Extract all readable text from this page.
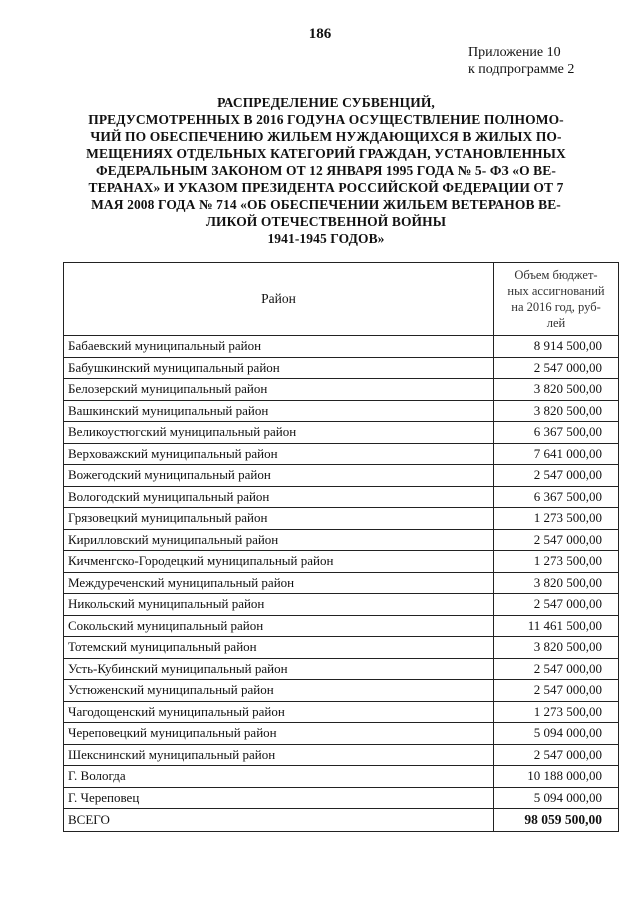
186
Приложение 10
к подпрограмме 2
РАСПРЕДЕЛЕНИЕ СУБВЕНЦИЙ,
ПРЕДУСМОТРЕННЫХ В 2016 ГОДУНА ОСУЩЕСТВЛЕНИЕ ПОЛНОМО-
ЧИЙ ПО ОБЕСПЕЧЕНИЮ ЖИЛЬЕМ НУЖДАЮЩИХСЯ В ЖИЛЫХ ПО-
МЕЩЕНИЯХ ОТДЕЛЬНЫХ КАТЕГОРИЙ ГРАЖДАН, УСТАНОВЛЕННЫХ
ФЕДЕРАЛЬНЫМ ЗАКОНОМ ОТ 12 ЯНВАРЯ 1995 ГОДА № 5- ФЗ «О ВЕ-
ТЕРАНАХ» И УКАЗОМ ПРЕЗИДЕНТА РОССИЙСКОЙ ФЕДЕРАЦИИ ОТ 7
МАЯ 2008 ГОДА № 714 «ОБ ОБЕСПЕЧЕНИИ ЖИЛЬЕМ ВЕТЕРАНОВ ВЕ-
ЛИКОЙ ОТЕЧЕСТВЕННОЙ ВОЙНЫ
1941-1945 ГОДОВ»
Район	Объем бюджет-
ных ассигнований
на 2016 год, руб-
лей

Бабаевский муниципальный район	8 914 500,00
Бабушкинский муниципальный район	2 547 000,00
Белозерский муниципальный район	3 820 500,00
Вашкинский муниципальный район	3 820 500,00
Великоустюгский муниципальный район	6 367 500,00
Верховажский муниципальный район	7 641 000,00
Вожегодский муниципальный район	2 547 000,00
Вологодский муниципальный район	6 367 500,00
Грязовецкий муниципальный район	1 273 500,00
Кирилловский муниципальный район	2 547 000,00
Кичменгско-Городецкий муниципальный район	1 273 500,00
Междуреченский муниципальный район	3 820 500,00
Никольский муниципальный район	2 547 000,00
Сокольский муниципальный район	11 461 500,00
Тотемский муниципальный район	3 820 500,00
Усть-Кубинский муниципальный район	2 547 000,00
Устюженский муниципальный район	2 547 000,00
Чагодощенский муниципальный район	1 273 500,00
Череповецкий муниципальный район	5 094 000,00
Шекснинский муниципальный район	2 547 000,00
Г. Вологда	10 188 000,00
Г. Череповец	5 094 000,00
ВСЕГО	98 059 500,00
